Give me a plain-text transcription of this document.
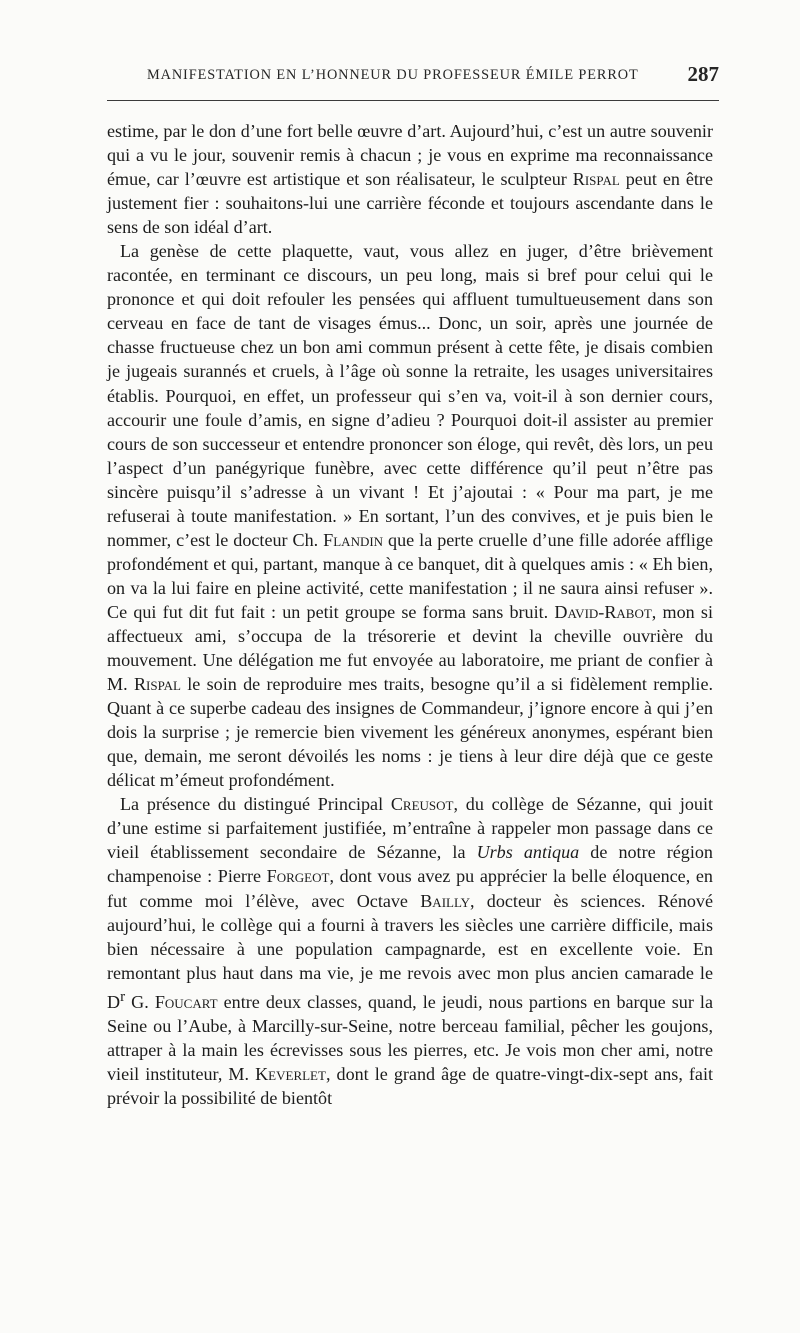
MANIFESTATION EN L’HONNEUR DU PROFESSEUR ÉMILE PERROT 287

estime, par le don d’une fort belle œuvre d’art. Aujourd’hui, c’est un autre souvenir qui a vu le jour, souvenir remis à chacun ; je vous en exprime ma reconnaissance émue, car l’œuvre est artistique et son réalisateur, le sculpteur Rispal peut en être justement fier : souhaitons-lui une carrière féconde et toujours ascendante dans le sens de son idéal d’art.

La genèse de cette plaquette, vaut, vous allez en juger, d’être brièvement racontée, en terminant ce discours, un peu long, mais si bref pour celui qui le prononce et qui doit refouler les pensées qui affluent tumultueusement dans son cerveau en face de tant de visages émus... Donc, un soir, après une journée de chasse fructueuse chez un bon ami commun présent à cette fête, je disais combien je jugeais surannés et cruels, à l’âge où sonne la retraite, les usages universitaires établis. Pourquoi, en effet, un professeur qui s’en va, voit-il à son dernier cours, accourir une foule d’amis, en signe d’adieu ? Pourquoi doit-il assister au premier cours de son successeur et entendre prononcer son éloge, qui revêt, dès lors, un peu l’aspect d’un panégyrique funèbre, avec cette différence qu’il peut n’être pas sincère puisqu’il s’adresse à un vivant ! Et j’ajoutai : « Pour ma part, je me refuserai à toute manifestation. » En sortant, l’un des convives, et je puis bien le nommer, c’est le docteur Ch. Flandin que la perte cruelle d’une fille adorée afflige profondément et qui, partant, manque à ce banquet, dit à quelques amis : « Eh bien, on va la lui faire en pleine activité, cette manifestation ; il ne saura ainsi refuser ». Ce qui fut dit fut fait : un petit groupe se forma sans bruit. David-Rabot, mon si affectueux ami, s’occupa de la trésorerie et devint la cheville ouvrière du mouvement. Une délégation me fut envoyée au laboratoire, me priant de confier à M. Rispal le soin de reproduire mes traits, besogne qu’il a si fidèlement remplie. Quant à ce superbe cadeau des insignes de Commandeur, j’ignore encore à qui j’en dois la surprise ; je remercie bien vivement les généreux anonymes, espérant bien que, demain, me seront dévoilés les noms : je tiens à leur dire déjà que ce geste délicat m’émeut profondément.

La présence du distingué Principal Creusot, du collège de Sézanne, qui jouit d’une estime si parfaitement justifiée, m’entraîne à rappeler mon passage dans ce vieil établissement secondaire de Sézanne, la Urbs antiqua de notre région champenoise : Pierre Forgeot, dont vous avez pu apprécier la belle éloquence, en fut comme moi l’élève, avec Octave Bailly, docteur ès sciences. Rénové aujourd’hui, le collège qui a fourni à travers les siècles une carrière difficile, mais bien nécessaire à une population campagnarde, est en excellente voie. En remontant plus haut dans ma vie, je me revois avec mon plus ancien camarade le $D^r$ G. Foucart entre deux classes, quand, le jeudi, nous partions en barque sur la Seine ou l’Aube, à Marcilly-sur-Seine, notre berceau familial, pêcher les goujons, attraper à la main les écrevisses sous les pierres, etc. Je vois mon cher ami, notre vieil instituteur, M. Keverlet, dont le grand âge de quatre-vingt-dix-sept ans, fait prévoir la possibilité de bientôt
